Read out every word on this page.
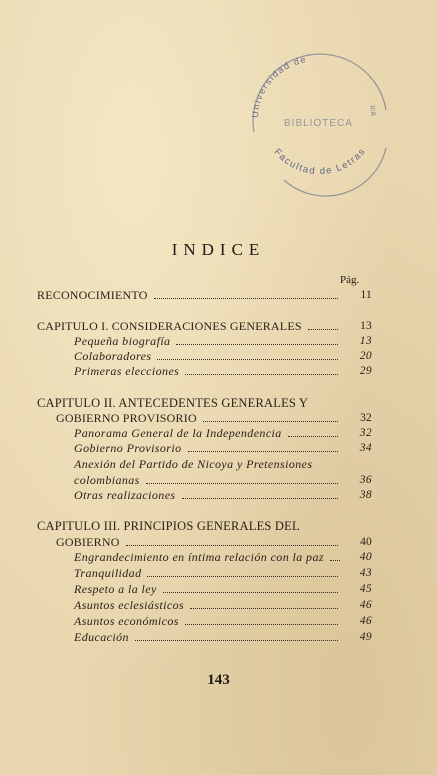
Universidad de
BIBLIOTECA
ica
Facultad de Letras
INDICE
Pág.
RECONOCIMIENTO	11
CAPITULO I. CONSIDERACIONES GENERALES	13
Pequeña biografía	13
Colaboradores	20
Primeras elecciones	29
CAPITULO II. ANTECEDENTES GENERALES Y
GOBIERNO PROVISORIO	32
Panorama General de la Independencia	32
Gobierno Provisorio	34
Anexión del Partido de Nicoya y Pretensiones
colombianas	36
Otras realizaciones	38
CAPITULO III. PRINCIPIOS GENERALES DEL
GOBIERNO	40
Engrandecimiento en íntima relación con la paz	40
Tranquilidad	43
Respeto a la ley	45
Asuntos eclesiásticos	46
Asuntos económicos	46
Educación	49
143
